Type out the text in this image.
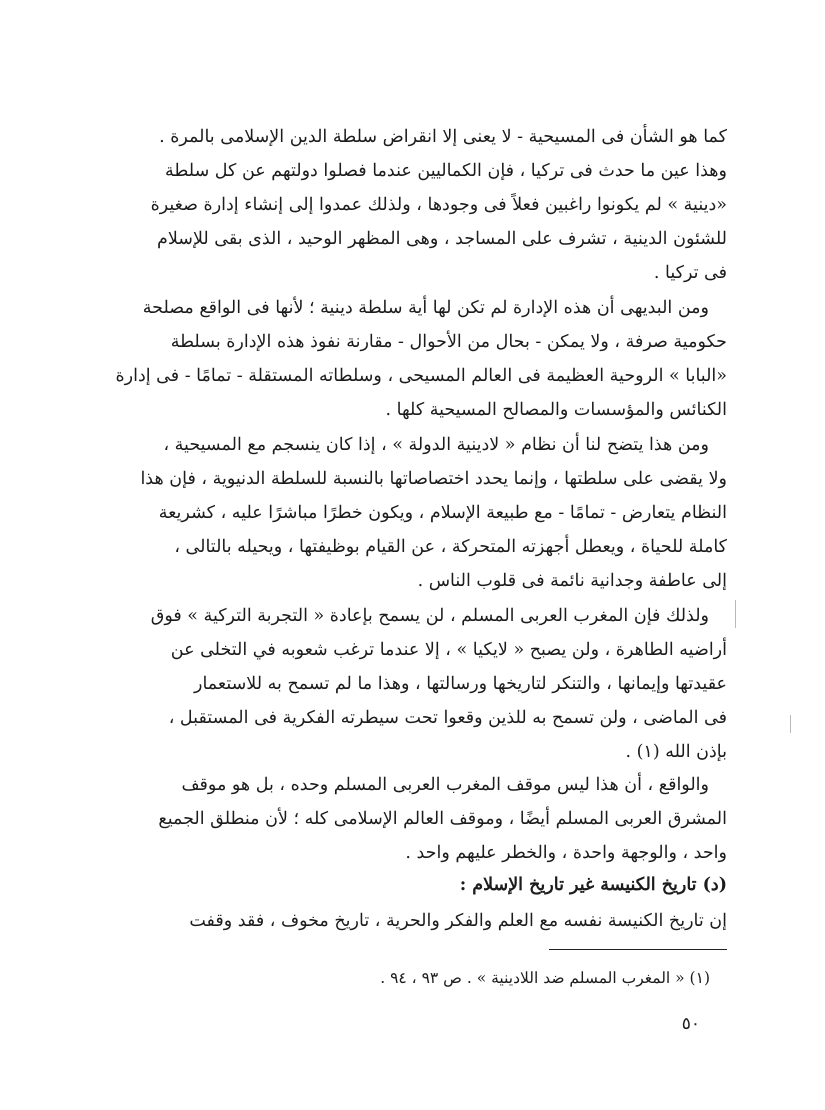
كما هو الشأن فى المسيحية - لا يعنى إلا انقراض سلطة الدين الإسلامى بالمرة .
وهذا عين ما حدث فى تركيا ، فإن الكماليين عندما فصلوا دولتهم عن كل سلطة
«دينية » لم يكونوا راغبين فعلاً فى وجودها ، ولذلك عمدوا إلى إنشاء إدارة صغيرة
للشئون الدينية ، تشرف على المساجد ، وهى المظهر الوحيد ، الذى بقى للإسلام
فى تركيا .
ومن البديهى أن هذه الإدارة لم تكن لها أية سلطة دينية ؛ لأنها فى الواقع مصلحة
حكومية صرفة ، ولا يمكن - بحال من الأحوال - مقارنة نفوذ هذه الإدارة بسلطة
«البابا » الروحية العظيمة فى العالم المسيحى ، وسلطاته المستقلة - تمامًا - فى إدارة
الكنائس والمؤسسات والمصالح المسيحية كلها .
ومن هذا يتضح لنا أن نظام « لادينية الدولة » ، إذا كان ينسجم مع المسيحية ،
ولا يقضى على سلطتها ، وإنما يحدد اختصاصاتها بالنسبة للسلطة الدنيوية ، فإن هذا
النظام يتعارض - تمامًا - مع طبيعة الإسلام ، ويكون خطرًا مباشرًا عليه ، كشريعة
كاملة للحياة ، ويعطل أجهزته المتحركة ، عن القيام بوظيفتها ، ويحيله بالتالى ،
إلى عاطفة وجدانية نائمة فى قلوب الناس .
ولذلك فإن المغرب العربى المسلم ، لن يسمح بإعادة « التجربة التركية » فوق
أراضيه الطاهرة ، ولن يصبح « لايكيا » ، إلا عندما ترغب شعوبه في التخلى عن
عقيدتها وإيمانها ، والتنكر لتاريخها ورسالتها ، وهذا ما لم تسمح به للاستعمار
فى الماضى ، ولن تسمح به للذين وقعوا تحت سيطرته الفكرية فى المستقبل ،
بإذن الله (١) .
والواقع ، أن هذا ليس موقف المغرب العربى المسلم وحده ، بل هو موقف
المشرق العربى المسلم أيضًا ، وموقف العالم الإسلامى كله ؛ لأن منطلق الجميع
واحد ، والوجهة واحدة ، والخطر عليهم واحد .
(د) تاريخ الكنيسة غير تاريخ الإسلام :
إن تاريخ الكنيسة نفسه مع العلم والفكر والحرية ، تاريخ مخوف ، فقد وقفت
(١) « المغرب المسلم ضد اللادينية » . ص ٩٣ ، ٩٤ .
٥٠
